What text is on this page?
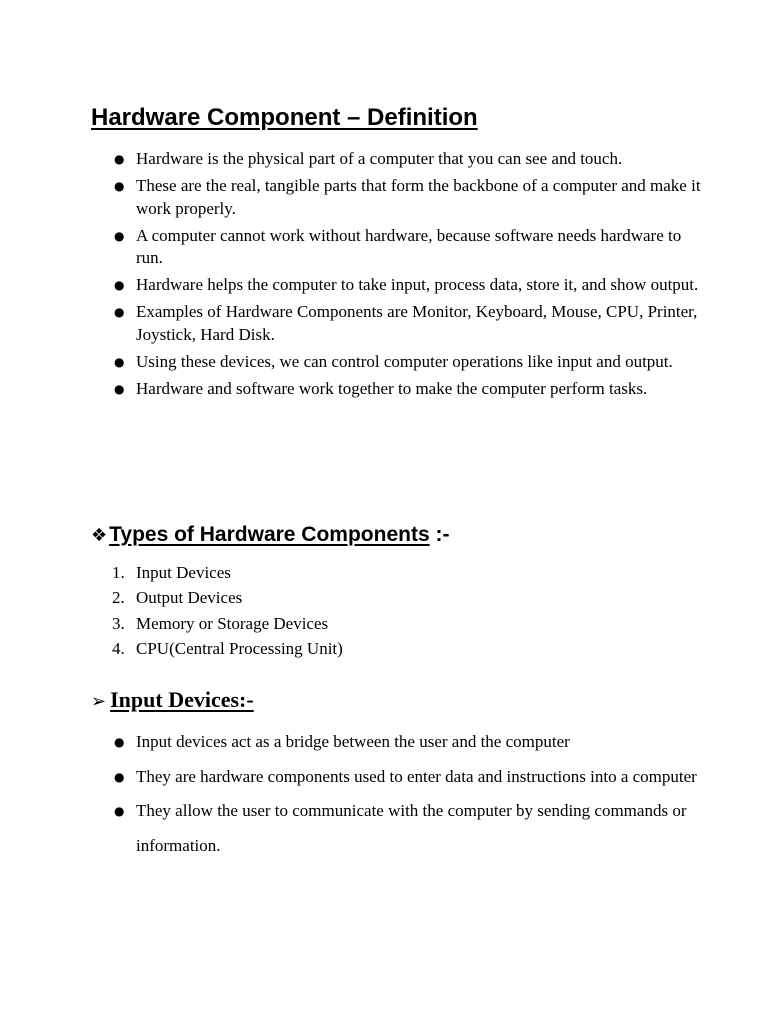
Hardware Component – Definition
● Hardware is the physical part of a computer that you can see and touch.
● These are the real, tangible parts that form the backbone of a computer and make it work properly.
● A computer cannot work without hardware, because software needs hardware to run.
● Hardware helps the computer to take input, process data, store it, and show output.
● Examples of Hardware Components are Monitor, Keyboard, Mouse, CPU, Printer, Joystick, Hard Disk.
● Using these devices, we can control computer operations like input and output.
● Hardware and software work together to make the computer perform tasks.
❖Types of Hardware Components :-
1. Input Devices
2. Output Devices
3. Memory or Storage Devices
4. CPU(Central Processing Unit)
➢ Input Devices:-
● Input devices act as a bridge between the user and the computer
● They are hardware components used to enter data and instructions into a computer
● They allow the user to communicate with the computer by sending commands or information.
